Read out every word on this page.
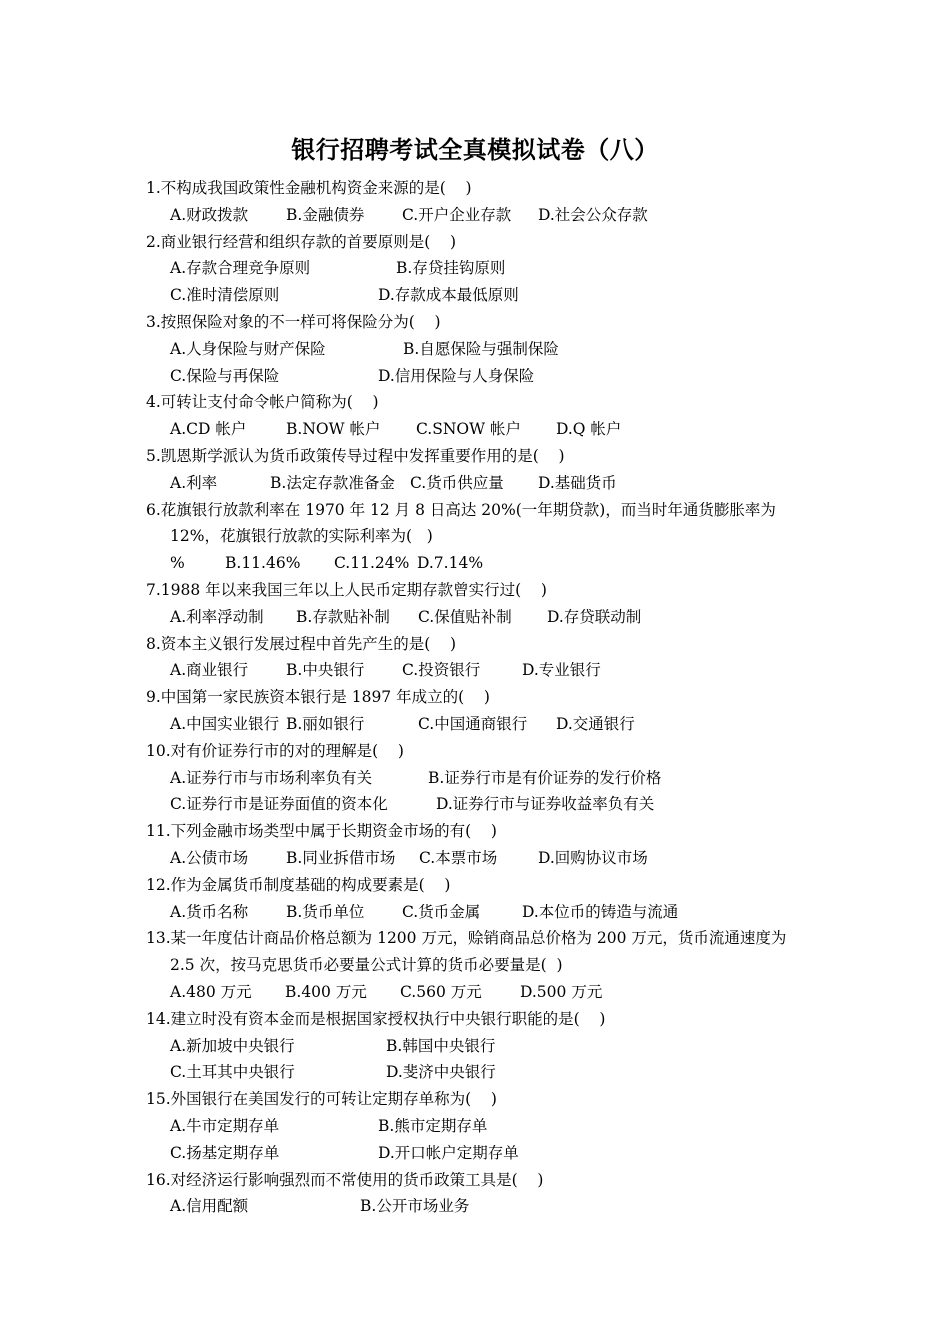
银行招聘考试全真模拟试卷（八）
1.不构成我国政策性金融机构资金来源的是(    )
A.财政拨款 B.金融债券 C.开户企业存款 D.社会公众存款
2.商业银行经营和组织存款的首要原则是(    )
A.存款合理竞争原则	B.存贷挂钩原则
C.准时清偿原则	D.存款成本最低原则
3.按照保险对象的不一样可将保险分为(    )
A.人身保险与财产保险	B.自愿保险与强制保险
C.保险与再保险	D.信用保险与人身保险
4.可转让支付命令帐户简称为(    )
A.CD 帐户	B.NOW 帐户 C.SNOW 帐户 D.Q 帐户
5.凯恩斯学派认为货币政策传导过程中发挥重要作用的是(    )
A.利率	B.法定存款准备金 C.货币供应量 D.基础货币
6.花旗银行放款利率在 1970 年 12 月 8 日高达 20%(一年期贷款)，而当时年通货膨胀率为
12%，花旗银行放款的实际利率为(   )
%	B.11.46% C.11.24% D.7.14%
7.1988 年以来我国三年以上人民币定期存款曾实行过(    )
A.利率浮动制 B.存款贴补制 C.保值贴补制 D.存贷联动制
8.资本主义银行发展过程中首先产生的是(    )
A.商业银行 B.中央银行 C.投资银行	D.专业银行
9.中国第一家民族资本银行是 1897 年成立的(    )
A.中国实业银行 B.丽如银行	C.中国通商银行 D.交通银行
10.对有价证券行市的对的理解是(    )
A.证券行市与市场利率负有关	B.证券行市是有价证券的发行价格
C.证券行市是证券面值的资本化	D.证券行市与证券收益率负有关
11.下列金融市场类型中属于长期资金市场的有(    )
A.公债市场 B.同业拆借市场 C.本票市场	D.回购协议市场
12.作为金属货币制度基础的构成要素是(    )
A.货币名称 B.货币单位 C.货币金属	D.本位币的铸造与流通
13.某一年度估计商品价格总额为 1200 万元，赊销商品总价格为 200 万元，货币流通速度为
2.5 次，按马克思货币必要量公式计算的货币必要量是(  )
A.480 万元 B.400 万元 C.560 万元 D.500 万元
14.建立时没有资本金而是根据国家授权执行中央银行职能的是(    )
A.新加坡中央银行	B.韩国中央银行
C.土耳其中央银行	D.斐济中央银行
15.外国银行在美国发行的可转让定期存单称为(    )
A.牛市定期存单	B.熊市定期存单
C.扬基定期存单	D.开口帐户定期存单
16.对经济运行影响强烈而不常使用的货币政策工具是(    )
A.信用配额	B.公开市场业务
